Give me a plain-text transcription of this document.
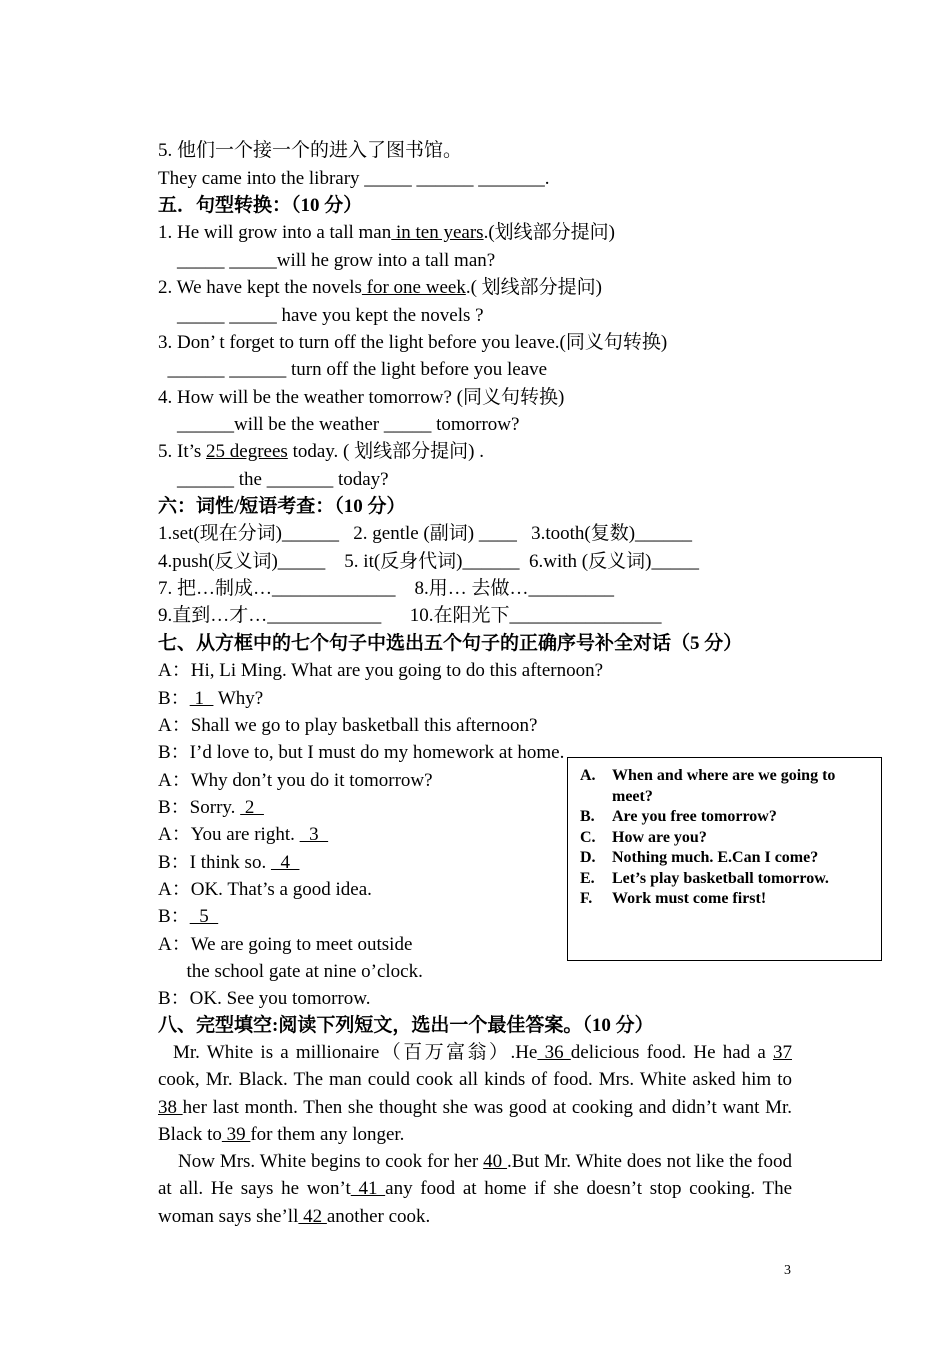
5. 他们一个接一个的进入了图书馆。
They came into the library _____ ______ _______.
五．句型转换：（10 分）
1. He will grow into a tall man in ten years.(划线部分提问)
_____ _____will he grow into a tall man?
2. We have kept the novels for one week.( 划线部分提问)
_____ _____ have you kept the novels ?
3. Don’ t forget to turn off the light before you leave.(同义句转换)
______ ______ turn off the light before you leave
4. How will be the weather tomorrow? (同义句转换)
______will be the weather _____ tomorrow?
5. It’s 25 degrees today. ( 划线部分提问) .
______ the _______ today?
六：词性/短语考查：（10 分）
1.set(现在分词)______   2. gentle (副词) ____   3.tooth(复数)______
4.push(反义词)_____    5. it(反身代词)______  6.with (反义词)_____
7. 把…制成…_____________    8.用… 去做…_________
9.直到…才…____________      10.在阳光下________________
七、从方框中的七个句子中选出五个句子的正确序号补全对话（5 分）
A：Hi, Li Ming. What are you going to do this afternoon?
B： 1   Why?
A：Shall we go to play basketball this afternoon?
B：I’d love to, but I must do my homework at home.
A：Why don’t you do it tomorrow?
B：Sorry.  2
A：You are right.   3
B：I think so.   4
A：OK. That’s a good idea.
B：  5
A：We are going to meet outside
the school gate at nine o’clock.
B：OK. See you tomorrow.
A.	When and where are we going to meet?
B.	Are you free tomorrow?
C.	How are you?
D.	Nothing much. E.Can I come?
E.	Let’s play basketball tomorrow.
F.	Work must come first!
八、完型填空:阅读下列短文，选出一个最佳答案。（10 分）

Mr. White is a millionaire（百万富翁）.He 36 delicious food. He had a 37 cook, Mr. Black. The man could cook all kinds of food. Mrs. White asked him to 38 her last month. Then she thought she was good at cooking and didn’t want Mr. Black to 39 for them any longer.

Now Mrs. White begins to cook for her 40 .But Mr. White does not like the food at all. He says he won’t 41 any food at home if she doesn’t stop cooking. The woman says she’ll 42 another cook.

3
